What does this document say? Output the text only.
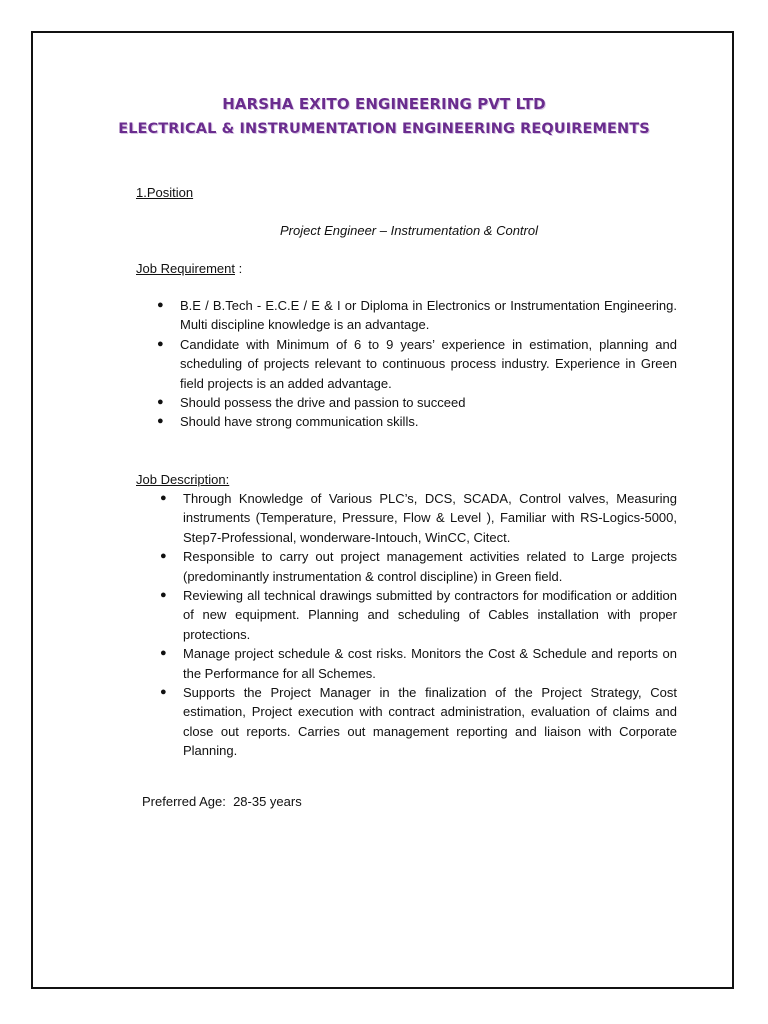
HARSHA EXITO ENGINEERING PVT LTD
ELECTRICAL & INSTRUMENTATION ENGINEERING REQUIREMENTS
1.Position
Project Engineer – Instrumentation & Control
Job Requirement :
● B.E / B.Tech - E.C.E / E & I or Diploma in Electronics or Instrumentation Engineering. Multi discipline knowledge is an advantage.
● Candidate with Minimum of 6 to 9 years’ experience in estimation, planning and scheduling of projects relevant to continuous process industry. Experience in Green field projects is an added advantage.
● Should possess the drive and passion to succeed
● Should have strong communication skills.
Job Description:
● Through Knowledge of Various PLC’s, DCS, SCADA, Control valves, Measuring instruments (Temperature, Pressure, Flow & Level ), Familiar with RS-Logics-5000, Step7-Professional, wonderware-Intouch, WinCC, Citect.
● Responsible to carry out project management activities related to Large projects (predominantly instrumentation & control discipline) in Green field.
● Reviewing all technical drawings submitted by contractors for modification or addition of new equipment. Planning and scheduling of Cables installation with proper protections.
● Manage project schedule & cost risks. Monitors the Cost & Schedule and reports on the Performance for all Schemes.
● Supports the Project Manager in the finalization of the Project Strategy, Cost estimation, Project execution with contract administration, evaluation of claims and close out reports. Carries out management reporting and liaison with Corporate Planning.
Preferred Age: 28-35 years
